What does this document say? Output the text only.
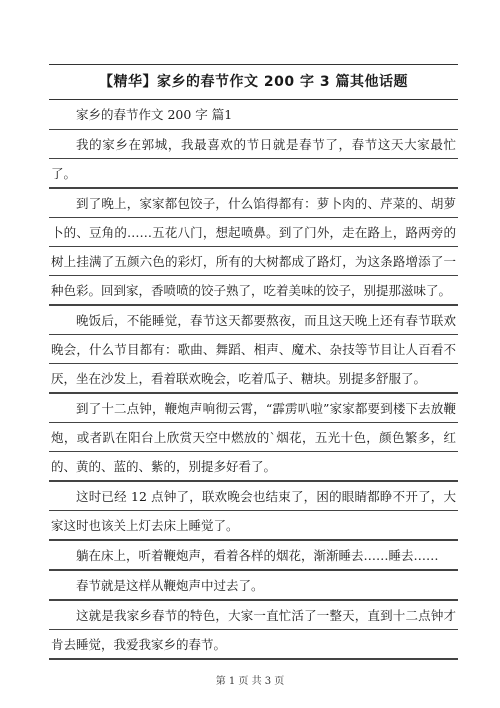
【精华】家乡的春节作文 200 字 3 篇其他话题

家乡的春节作文 200 字 篇1

我的家乡在郭城，我最喜欢的节日就是春节了，春节这天大家最忙了。

到了晚上，家家都包饺子，什么馅得都有：萝卜肉的、芹菜的、胡萝卜的、豆角的……五花八门，想起喷鼻。到了门外，走在路上，路两旁的树上挂满了五颜六色的彩灯，所有的大树都成了路灯，为这条路增添了一种色彩。回到家，香喷喷的饺子熟了，吃着美味的饺子，别提那滋味了。

晚饭后，不能睡觉，春节这天都要熬夜，而且这天晚上还有春节联欢晚会，什么节目都有：歌曲、舞蹈、相声、魔术、杂技等节目让人百看不厌，坐在沙发上，看着联欢晚会，吃着瓜子、糖块。别提多舒服了。

到了十二点钟，鞭炮声响彻云霄，“霹雳叭啦”家家都要到楼下去放鞭炮，或者趴在阳台上欣赏天空中燃放的`烟花，五光十色，颜色繁多，红的、黄的、蓝的、紫的，别提多好看了。

这时已经 12 点钟了，联欢晚会也结束了，困的眼睛都睁不开了，大家这时也该关上灯去床上睡觉了。

躺在床上，听着鞭炮声，看着各样的烟花，渐渐睡去……睡去……

春节就是这样从鞭炮声中过去了。

这就是我家乡春节的特色，大家一直忙活了一整天，直到十二点钟才肯去睡觉，我爱我家乡的春节。

第 1 页 共 3 页
